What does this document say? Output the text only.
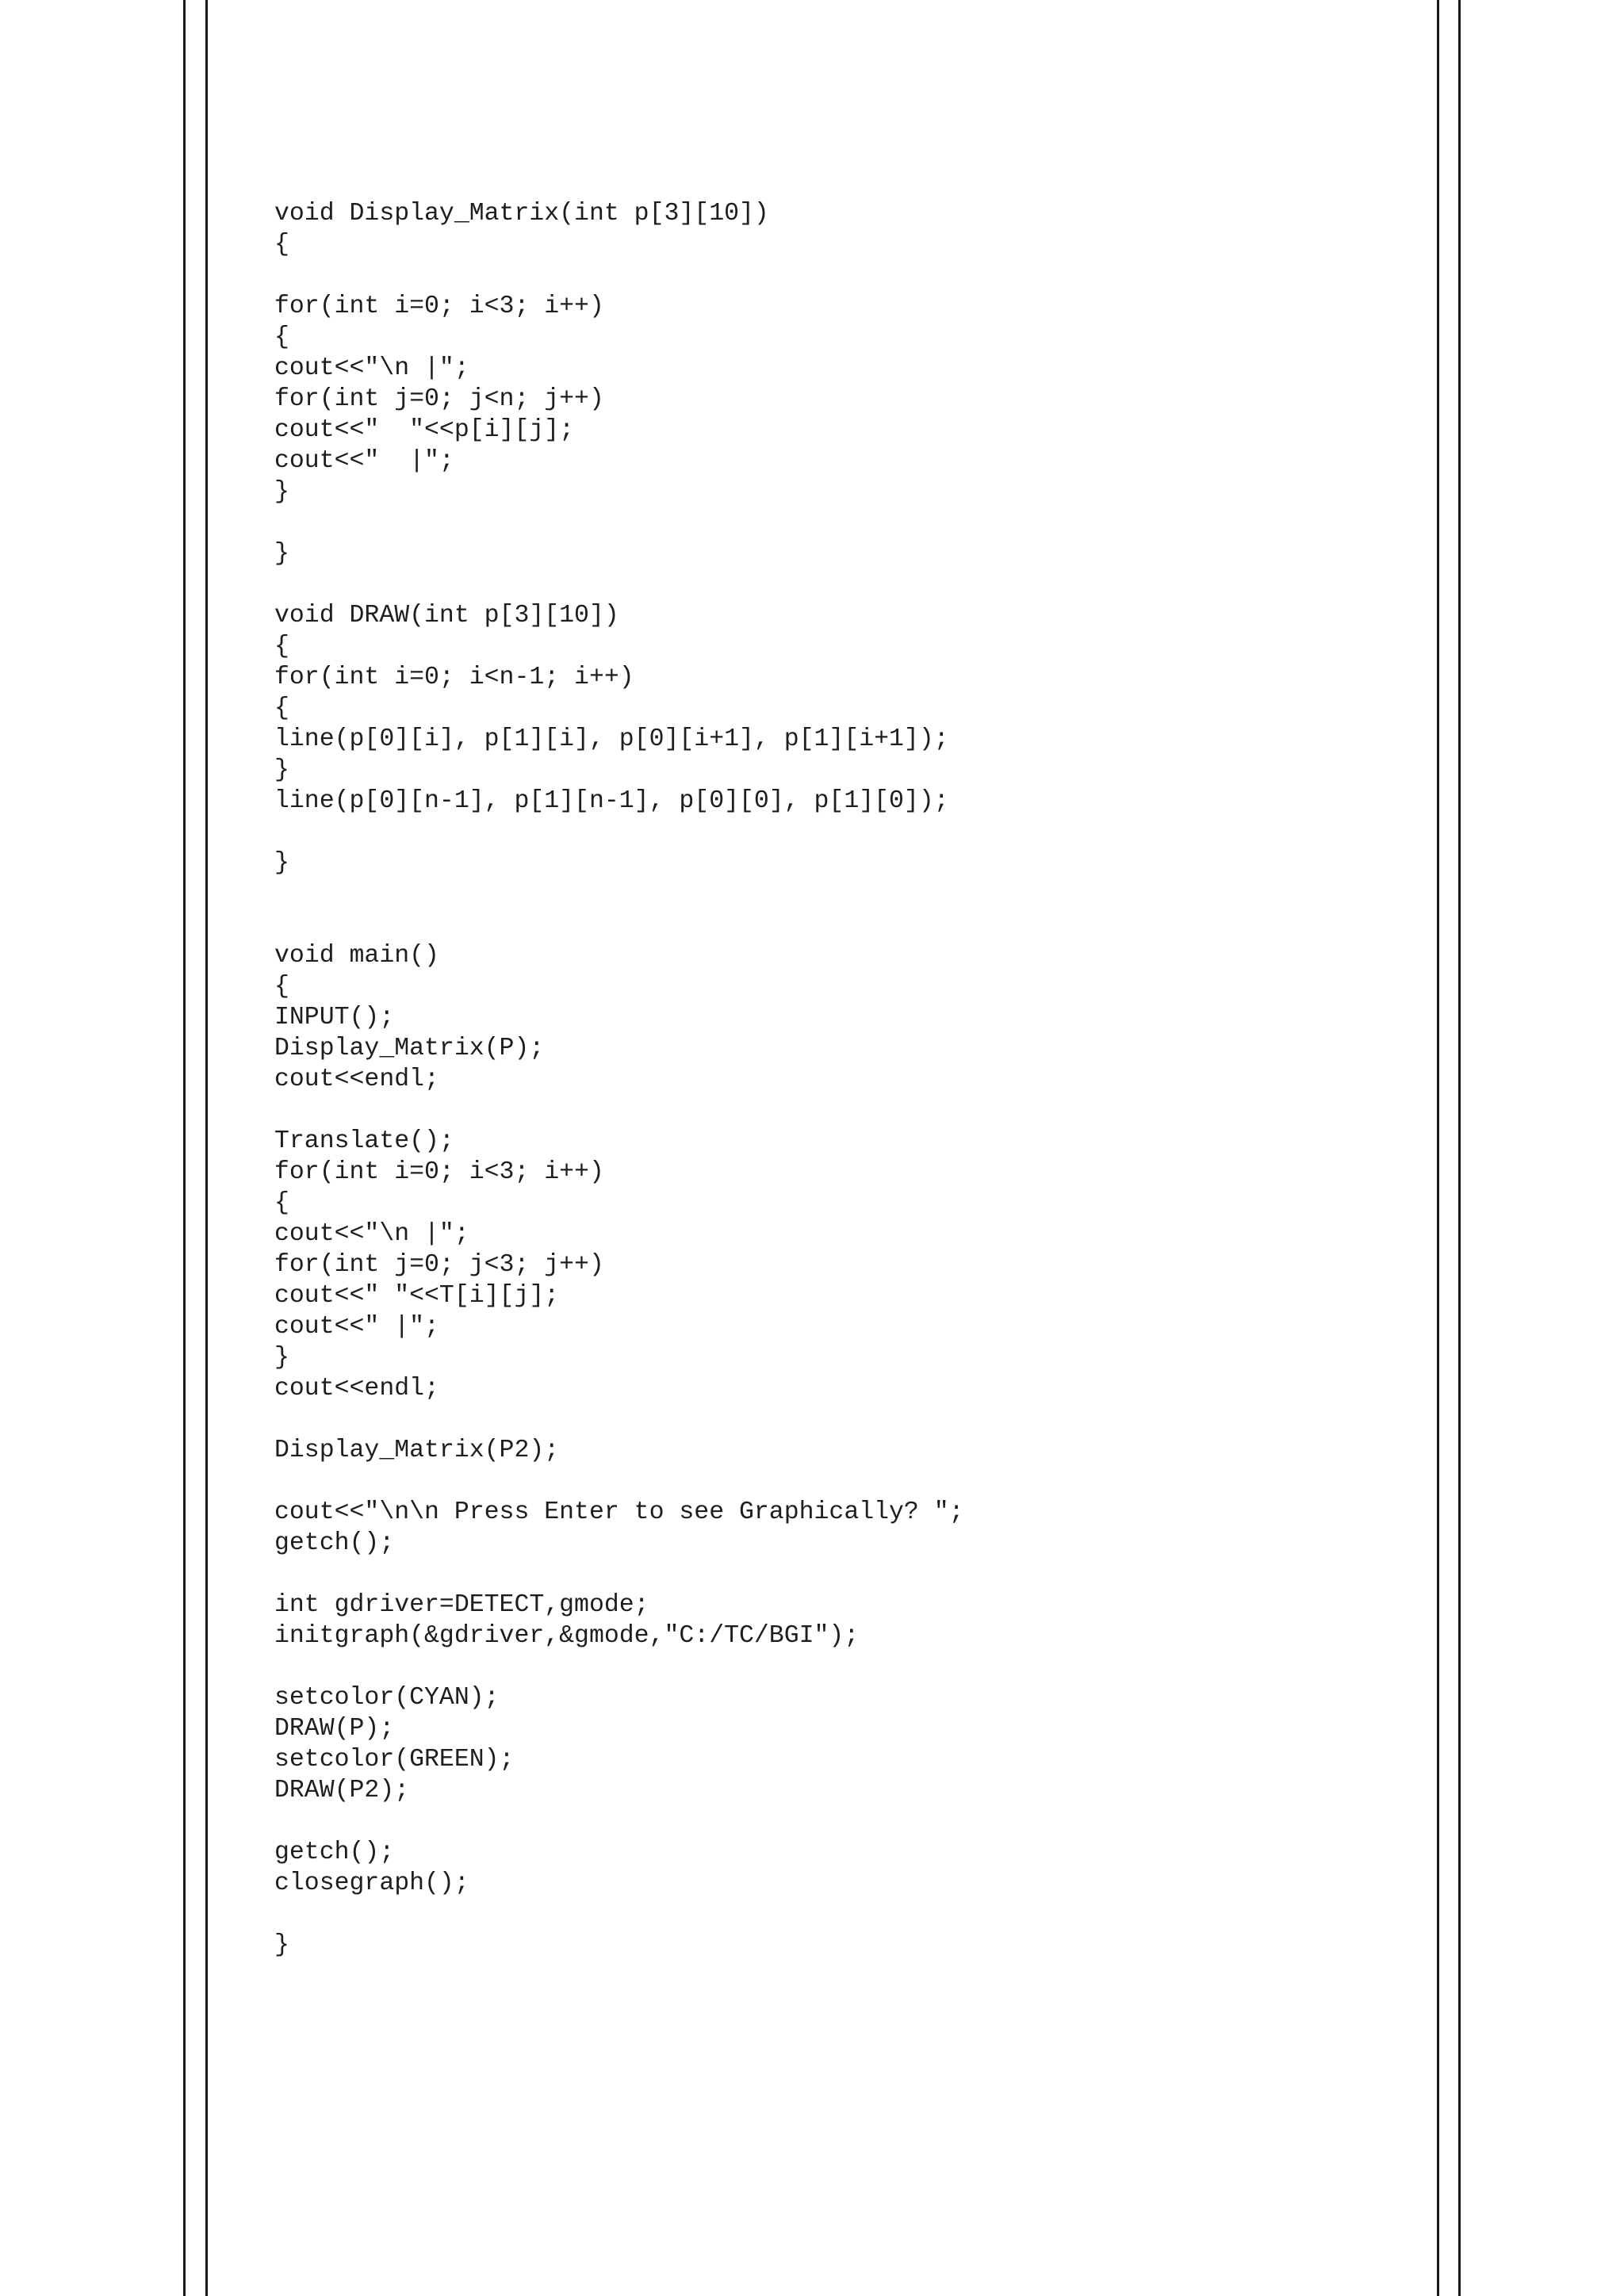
void Display_Matrix(int p[3][10])
{
for(int i=0; i<3; i++)
{
cout<<"\n |";
for(int j=0; j<n; j++)
cout<<"  "<<p[i][j];
cout<<"  |";
}
}
void DRAW(int p[3][10])
{
for(int i=0; i<n-1; i++)
{
line(p[0][i], p[1][i], p[0][i+1], p[1][i+1]);
}
line(p[0][n-1], p[1][n-1], p[0][0], p[1][0]);
}
void main()
{
INPUT();
Display_Matrix(P);
cout<<endl;
Translate();
for(int i=0; i<3; i++)
{
cout<<"\n |";
for(int j=0; j<3; j++)
cout<<" "<<T[i][j];
cout<<" |";
}
cout<<endl;
Display_Matrix(P2);
cout<<"\n\n Press Enter to see Graphically? ";
getch();
int gdriver=DETECT,gmode;
initgraph(&gdriver,&gmode,"C:/TC/BGI");
setcolor(CYAN);
DRAW(P);
setcolor(GREEN);
DRAW(P2);
getch();
closegraph();
}
